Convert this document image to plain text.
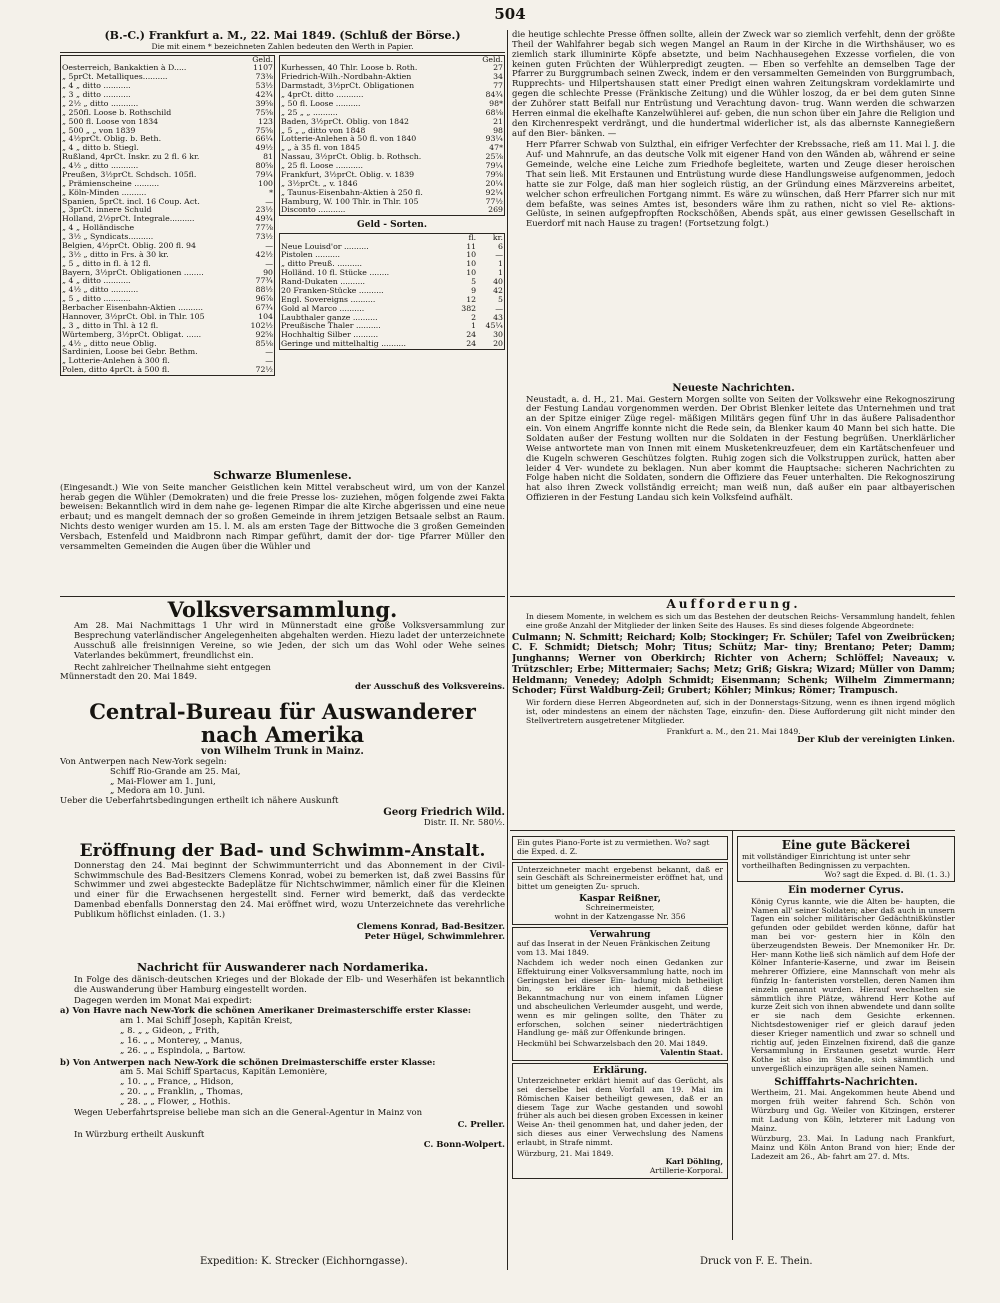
504
(B.-C.) Frankfurt a. M., 22. Mai 1849. (Schluß der Börse.)
Die mit einem * bezeichneten Zahlen bedeuten den Werth in Papier.
	Geld.
Oesterreich, Bankaktien à D.....	1107
„ 5prCt. Metalliques..........	73⅜
„ 4 „ ditto ...........	53½
„ 3 „ ditto ...........	42¾
„ 2½ „ ditto ...........	39⅝
„ 250fl. Loose b. Rothschild	75⅝
„ 500 fl. Loose von 1834	123
„ 500 „ „ von 1839	75⅝
„ 4½prCt. Oblig. b. Beth.	66¼
„ 4 „ ditto b. Stiegl.	49½
Rußland, 4prCt. Inskr. zu 2 fl. 6 kr.	81
„ 4½ „ ditto ...........	80⅝
Preußen, 3½prCt. Schdsch. 105fl.	79¼
„ Prämienscheine ..........	100
„ Köln-Minden ..........	*
Spanien, 5prCt. incl. 16 Coup. Act.	—
„ 3prCt. innere Schuld	23½
Holland, 2½prCt. Integrale..........	49¾
„ 4 „ Holländische	77⅞
„ 3½ „ Syndicats..........	73½
Belgien, 4½prCt. Oblig. 200 fl. 94	—
„ 3½ „ ditto in Frs. à 30 kr.	42½
„ 5 „ ditto in fl. à 12 fl.	—
Bayern, 3½prCt. Obligationen ........	90
„ 4 „ ditto ...........	77¾
„ 4½ „ ditto ...........	88½
„ 5 „ ditto ...........	96⅞
Berbacher Eisenbahn-Aktien ..........	67¾
Hannover, 3½prCt. Obl. in Thlr. 105	104
„ 3 „ ditto in Thl. à 12 fl.	102½
Würtemberg, 3½prCt. Obligat. ......	92⅝
„ 4½ „ ditto neue Oblig.	85⅛
Sardinien, Loose bei Gebr. Bethm.	—
„ Lotterie-Anlehen à 300 fl.	—
Polen, ditto 4prCt. à 500 fl.	72½
	Geld.
Kurhessen, 40 Thlr. Loose b. Roth.	27
Friedrich-Wilh.-Nordbahn-Aktien	34
Darmstadt, 3½prCt. Obligationen	77
„ 4prCt. ditto ...........	84¾
„ 50 fl. Loose ..........	98*
„ 25 „ „ ..........	68⅛
Baden, 3½prCt. Oblig. von 1842	21
„ 5 „ „ ditto von 1848	98
Lotterie-Anlehen à 50 fl. von 1840	93¼
„ „ à 35 fl. von 1845	47*
Nassau, 3½prCt. Oblig. b. Rothsch.	25⅞
„ 25 fl. Loose ...........	79¼
Frankfurt, 3½prCt. Oblig. v. 1839	79⅝
„ 3½prCt. „ v. 1846	20¼
„ Taunus-Eisenbahn-Aktien à 250 fl.	92¼
Hamburg, W. 100 Thlr. in Thlr. 105	77½
Disconto ...........	269
Geld - Sorten.
	fl.	kr.
Neue Louisd'or ..........	11	6
Pistolen ..........	10	—
„ ditto Preuß. ..........	10	1
Holländ. 10 fl. Stücke ........	10	1
Rand-Dukaten ..........	5	40
20 Franken-Stücke ..........	9	42
Engl. Sovereigns ..........	12	5
Gold al Marco ..........	382	—
Laubthaler ganze ..........	2	43
Preußische Thaler ..........	1	45¼
Hochhaltig Silber ..........	24	30
Geringe und mittelhaltig ..........	24	20
Schwarze Blumenlese.

(Eingesandt.) Wie von Seite mancher Geistlichen kein Mittel verabscheut wird, um von der Kanzel herab gegen die Wühler (Demokraten) und die freie Presse los- zuziehen, mögen folgende zwei Fakta beweisen: Bekanntlich wird in dem nahe ge- legenen Rimpar die alte Kirche abgerissen und eine neue erbaut; und es mangelt demnach der so großen Gemeinde in ihrem jetzigen Betsaale selbst an Raum. Nichts desto weniger wurden am 15. l. M. als am ersten Tage der Bittwoche die 3 großen Gemeinden Versbach, Estenfeld und Maidbronn nach Rimpar geführt, damit der dor- tige Pfarrer Müller den versammelten Gemeinden die Augen über die Wühler und

die heutige schlechte Presse öffnen sollte, allein der Zweck war so ziemlich verfehlt, denn der größte Theil der Wahlfahrer begab sich wegen Mangel an Raum in der Kirche in die Wirthshäuser, wo es ziemlich stark illuminirte Köpfe absetzte, und beim Nachhausegehen Exzesse vorfielen, die von keinen guten Früchten der Wühlerpredigt zeugten. — Eben so verfehlte an demselben Tage der Pfarrer zu Burggrumbach seinen Zweck, indem er den versammelten Gemeinden von Burggrumbach, Rupprechts- und Hilpertshausen statt einer Predigt einen wahren Zeitungskram vordeklamirte und gegen die schlechte Presse (Fränkische Zeitung) und die Wühler loszog, da er bei dem guten Sinne der Zuhörer statt Beifall nur Entrüstung und Verachtung davon- trug. Wann werden die schwarzen Herren einmal die ekelhafte Kanzelwühlerei auf- geben, die nun schon über ein Jahre die Religion und den Kirchenrespekt verdrängt, und die hundertmal widerlicher ist, als das albernste Kannegießern auf den Bier- bänken. —

Herr Pfarrer Schwab von Sulzthal, ein eifriger Verfechter der Krebssache, rieß am 11. Mai l. J. die Auf- und Mahnrufe, an das deutsche Volk mit eigener Hand von den Wänden ab, während er seine Gemeinde, welche eine Leiche zum Friedhofe begleitete, warten und Zeuge dieser heroischen That sein ließ. Mit Erstaunen und Entrüstung wurde diese Handlungsweise aufgenommen, jedoch hatte sie zur Folge, daß man hier sogleich rüstig, an der Gründung eines Märzvereins arbeitet, welcher schon erfreulichen Fortgang nimmt. Es wäre zu wünschen, daß Herr Pfarrer sich nur mit dem befaßte, was seines Amtes ist, besonders wäre ihm zu rathen, nicht so viel Re- aktions-Gelüste, in seinen aufgepfropften Rockschößen, Abends spät, aus einer gewissen Gesellschaft in Euerdorf mit nach Hause zu tragen! (Fortsetzung folgt.)

Neueste Nachrichten.

Neustadt, a. d. H., 21. Mai. Gestern Morgen sollte von Seiten der Volkswehr eine Rekognoszirung der Festung Landau vorgenommen werden. Der Obrist Blenker leitete das Unternehmen und trat an der Spitze einiger Züge regel- mäßigen Militärs gegen fünf Uhr in das äußere Palisadenthor ein. Von einem Angriffe konnte nicht die Rede sein, da Blenker kaum 40 Mann bei sich hatte. Die Soldaten außer der Festung wollten nur die Soldaten in der Festung begrüßen. Unerklärlicher Weise antwortete man von Innen mit einem Musketenkreuzfeuer, dem ein Kartätschenfeuer und die Kugeln schweren Geschützes folgten. Ruhig zogen sich die Volkstruppen zurück, hatten aber leider 4 Ver- wundete zu beklagen. Nun aber kommt die Hauptsache: sicheren Nachrichten zu Folge haben nicht die Soldaten, sondern die Offiziere das Feuer unterhalten. Die Rekognoszirung hat also ihren Zweck vollständig erreicht; man weiß nun, daß außer ein paar altbayerischen Offizieren in der Festung Landau sich kein Volksfeind aufhält.

Volksversammlung.

Am 28. Mai Nachmittags 1 Uhr wird in Münnerstadt eine große Volksversammlung zur Besprechung vaterländischer Angelegenheiten abgehalten werden. Hiezu ladet der unterzeichnete Ausschuß alle freisinnigen Vereine, so wie Jeden, der sich um das Wohl oder Wehe seines Vaterlandes bekümmert, freundlichst ein.

Recht zahlreicher Theilnahme sieht entgegen
Münnerstadt den 20. Mai 1849.
der Ausschuß des Volksvereins.
Central-Bureau für Auswanderer
nach Amerika
von Wilhelm Trunk in Mainz.
Von Antwerpen nach New-York segeln:
Schiff Rio-Grande am 25. Mai,
„ Mai-Flower am 1. Juni,
„ Medora am 10. Juni.
Ueber die Ueberfahrtsbedingungen ertheilt ich nähere Auskunft
Georg Friedrich Wild.
Distr. II. Nr. 580½.
Eröffnung der Bad- und Schwimm-Anstalt.

Donnerstag den 24. Mai beginnt der Schwimmunterricht und das Abonnement in der Civil-Schwimmschule des Bad-Besitzers Clemens Konrad, wobei zu bemerken ist, daß zwei Bassins für Schwimmer und zwei abgesteckte Badeplätze für Nichtschwimmer, nämlich einer für die Kleinen und einer für die Erwachsenen hergestellt sind. Ferner wird bemerkt, daß das verdeckte Damenbad ebenfalls Donnerstag den 24. Mai eröffnet wird, wozu Unterzeichnete das verehrliche Publikum höflichst einladen. (1. 3.)

Clemens Konrad, Bad-Besitzer.
Peter Hügel, Schwimmlehrer.
Nachricht für Auswanderer nach Nordamerika.

In Folge des dänisch-deutschen Krieges und der Blokade der Elb- und Weserhäfen ist bekanntlich die Auswanderung über Hamburg eingestellt worden.

Dagegen werden im Monat Mai expedirt:
a) Von Havre nach New-York die schönen Amerikaner Dreimasterschiffe erster Klasse:
am 1. Mai Schiff Joseph, Kapitän Kreist,
„ 8. „ „ Gideon, „ Frith,
„ 16. „ „ Monterey, „ Manus,
„ 26. „ „ Espindola, „ Bartow.
b) Von Antwerpen nach New-York die schönen Dreimasterschiffe erster Klasse:
am 5. Mai Schiff Spartacus, Kapitän Lemonière,
„ 10. „ „ France, „ Hidson,
„ 20. „ „ Franklin, „ Thomas,
„ 28. „ „ Flower, „ Hothis.

Wegen Ueberfahrtspreise beliebe man sich an die General-Agentur in Mainz von

C. Preller.
In Würzburg ertheilt Auskunft
C. Bonn-Wolpert.
Aufforderung.

In diesem Momente, in welchem es sich um das Bestehen der deutschen Reichs- Versammlung handelt, fehlen eine große Anzahl der Mitglieder der linken Seite des Hauses. Es sind dieses folgende Abgeordnete:

Culmann; N. Schmitt; Reichard; Kolb; Stockinger; Fr. Schüler; Tafel von Zweibrücken; C. F. Schmidt; Dietsch; Mohr; Titus; Schütz; Mar- tiny; Brentano; Peter; Damm; Junghanns; Werner von Oberkirch; Richter von Achern; Schlöffel; Naveaux; v. Trützschler; Erbe; Mittermaier; Sachs; Metz; Griß; Giskra; Wizard; Müller von Damm; Heldmann; Venedey; Adolph Schmidt; Eisenmann; Schenk; Wilhelm Zimmermann; Schoder; Fürst Waldburg-Zeil; Grubert; Köhler; Minkus; Römer; Trampusch.

Wir fordern diese Herren Abgeordneten auf, sich in der Donnerstags-Sitzung, wenn es ihnen irgend möglich ist, oder mindestens an einem der nächsten Tage, einzufin- den. Diese Aufforderung gilt nicht minder den Stellvertretern ausgetretener Mitglieder.

Frankfurt a. M., den 21. Mai 1849.
Der Klub der vereinigten Linken.
Ein gutes Piano-Forte ist zu vermiethen. Wo? sagt die Exped. d. Z.

Unterzeichneter macht ergebenst bekannt, daß er sein Geschäft als Schreinermeister eröffnet hat, und bittet um geneigten Zu- spruch.

Kaspar Reißner,
Schreinermeister,
wohnt in der Katzengasse Nr. 356
Verwahrung
auf das Inserat in der Neuen Fränkischen Zeitung vom 13. Mai 1849.

Nachdem ich weder noch einen Gedanken zur Effektuirung einer Volksversammlung hatte, noch im Geringsten bei dieser Ein- ladung mich betheiligt bin, so erkläre ich hiemit, daß diese Bekanntmachung nur von einem infamen Lügner und abscheulichen Verleumder ausgeht, und werde, wenn es mir gelingen sollte, den Thäter zu erforschen, solchen seiner niederträchtigen Handlung ge- mäß zur Offenkunde bringen.

Heckmühl bei Schwarzelsbach den 20. Mai 1849.
Valentin Staat.
Erklärung.

Unterzeichneter erklärt hiemit auf das Gerücht, als sei derselbe bei dem Vorfall am 19. Mai im Römischen Kaiser betheiligt gewesen, daß er an diesem Tage zur Wache gestanden und sowohl früher als auch bei diesen groben Excessen in keiner Weise An- theil genommen hat, und daher jeden, der sich dieses aus einer Verwechslung des Namens erlaubt, in Strafe nimmt.

Würzburg, 21. Mai 1849.
Karl Döhling,
Artillerie-Korporal.
Eine gute Bäckerei
mit vollständiger Einrichtung ist unter sehr vortheilhaften Bedingnissen zu verpachten.
Wo? sagt die Exped. d. Bl. (1. 3.)
Ein moderner Cyrus.

König Cyrus kannte, wie die Alten be- haupten, die Namen all' seiner Soldaten; aber daß auch in unsern Tagen ein solcher militärischer Gedächtnißkünstler gefunden oder gebildet werden könne, dafür hat man bei vor- gestern hier in Köln den überzeugendsten Beweis. Der Mnemoniker Hr. Dr. Her- mann Kothe ließ sich nämlich auf dem Hofe der Kölner Infanterie-Kaserne, und zwar im Beisein mehrerer Offiziere, eine Mannschaft von mehr als fünfzig In- fanteristen vorstellen, deren Namen ihm einzeln genannt wurden. Hierauf wechselten sie sämmtlich ihre Plätze, während Herr Kothe auf kurze Zeit sich von ihnen abwendete und dann sollte er sie nach dem Gesichte erkennen. Nichtsdestoweniger rief er gleich darauf jeden dieser Krieger namentlich und zwar so schnell und richtig auf, jeden Einzelnen fixirend, daß die ganze Versammlung in Erstaunen gesetzt wurde. Herr Kothe ist also im Stande, sich sämmtlich und unvergeßlich einzuprägen alle seinen Namen.

Schifffahrts-Nachrichten.

Wertheim, 21. Mai. Angekommen heute Abend und morgen früh weiter fahrend Sch. Schön von Würzburg und Gg. Weiler von Kitzingen, ersterer mit Ladung von Köln, letzterer mit Ladung von Mainz.

Würzburg, 23. Mai. In Ladung nach Frankfurt, Mainz und Köln Anton Brand von hier; Ende der Ladezeit am 26., Ab- fahrt am 27. d. Mts.

Expedition: K. Strecker (Eichhorngasse).	Druck von F. E. Thein.
